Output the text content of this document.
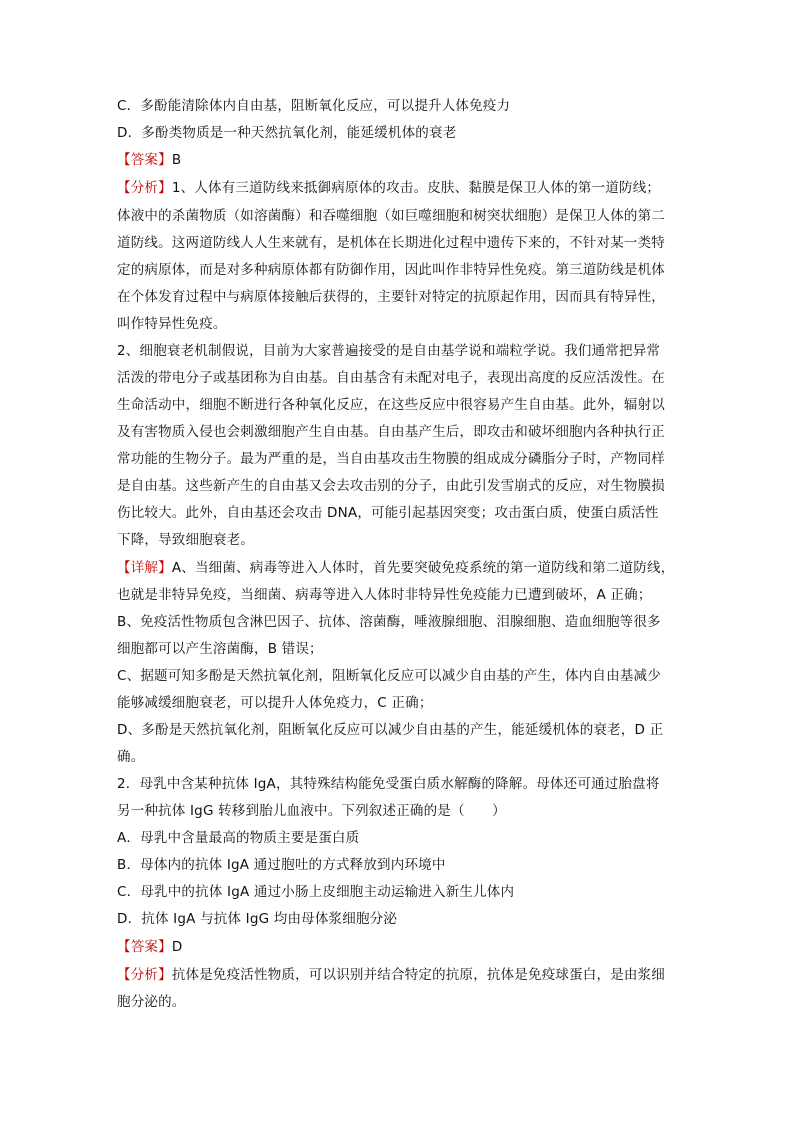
C．多酚能清除体内自由基，阻断氧化反应，可以提升人体免疫力
D．多酚类物质是一种天然抗氧化剂，能延缓机体的衰老
【答案】B
【分析】1、人体有三道防线来抵御病原体的攻击。皮肤、黏膜是保卫人体的第一道防线；
体液中的杀菌物质（如溶菌酶）和吞噬细胞（如巨噬细胞和树突状细胞）是保卫人体的第二
道防线。这两道防线人人生来就有，是机体在长期进化过程中遗传下来的，不针对某一类特
定的病原体，而是对多种病原体都有防御作用，因此叫作非特异性免疫。第三道防线是机体
在个体发育过程中与病原体接触后获得的，主要针对特定的抗原起作用，因而具有特异性，
叫作特异性免疫。
2、细胞衰老机制假说，目前为大家普遍接受的是自由基学说和端粒学说。我们通常把异常
活泼的带电分子或基团称为自由基。自由基含有未配对电子，表现出高度的反应活泼性。在
生命活动中，细胞不断进行各种氧化反应，在这些反应中很容易产生自由基。此外，辐射以
及有害物质入侵也会刺激细胞产生自由基。自由基产生后，即攻击和破坏细胞内各种执行正
常功能的生物分子。最为严重的是，当自由基攻击生物膜的组成成分磷脂分子时，产物同样
是自由基。这些新产生的自由基又会去攻击别的分子，由此引发雪崩式的反应，对生物膜损
伤比较大。此外，自由基还会攻击 DNA，可能引起基因突变；攻击蛋白质，使蛋白质活性
下降，导致细胞衰老。
【详解】A、当细菌、病毒等进入人体时，首先要突破免疫系统的第一道防线和第二道防线，
也就是非特异免疫，当细菌、病毒等进入人体时非特异性免疫能力已遭到破坏，A 正确；
B、免疫活性物质包含淋巴因子、抗体、溶菌酶，唾液腺细胞、泪腺细胞、造血细胞等很多
细胞都可以产生溶菌酶，B 错误；
C、据题可知多酚是天然抗氧化剂，阻断氧化反应可以减少自由基的产生，体内自由基减少
能够减缓细胞衰老，可以提升人体免疫力，C 正确；
D、多酚是天然抗氧化剂，阻断氧化反应可以减少自由基的产生，能延缓机体的衰老，D 正
确。
2．母乳中含某种抗体 IgA，其特殊结构能免受蛋白质水解酶的降解。母体还可通过胎盘将
另一种抗体 IgG 转移到胎儿血液中。下列叙述正确的是（　　）
A．母乳中含量最高的物质主要是蛋白质
B．母体内的抗体 IgA 通过胞吐的方式释放到内环境中
C．母乳中的抗体 IgA 通过小肠上皮细胞主动运输进入新生儿体内
D．抗体 IgA 与抗体 IgG 均由母体浆细胞分泌
【答案】D
【分析】抗体是免疫活性物质，可以识别并结合特定的抗原，抗体是免疫球蛋白，是由浆细
胞分泌的。
